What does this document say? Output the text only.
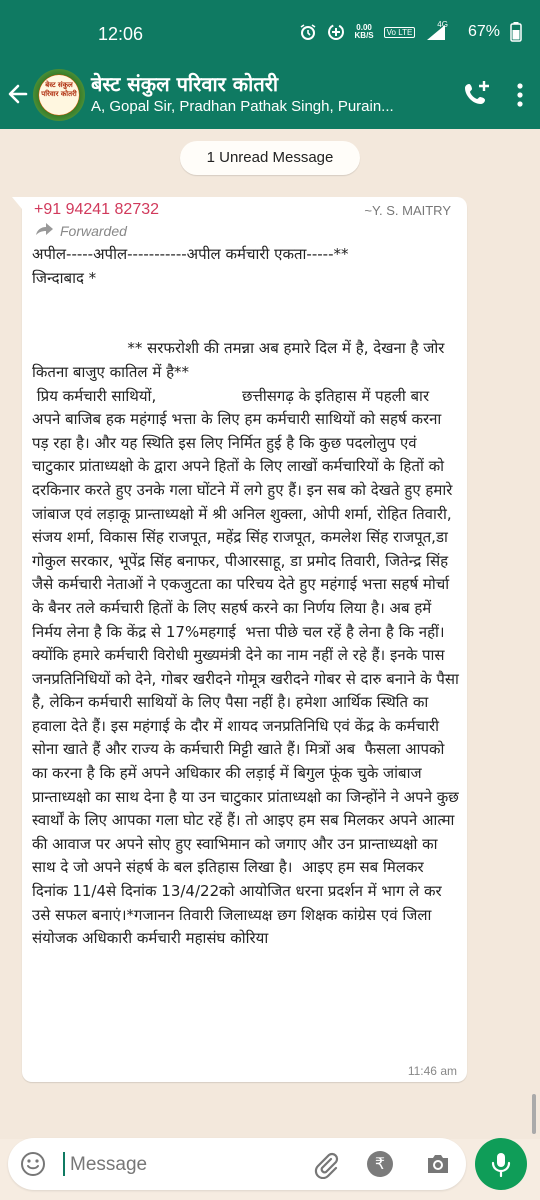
12:06	0.00
KB/S	Vo LTE
4G 67%
बेस्ट संकुल परिवार कोतरी बेस्ट संकुल परिवार कोतरी
A, Gopal Sir, Pradhan Pathak Singh, Purain...
1 Unread Message
+91 94241 82732	~Y. S. MAITRY
Forwarded
अपील-----अपील-----------अपील कर्मचारी एकता-----**
जिन्दाबाद *

** सरफरोशी की तमन्ना अब हमारे दिल में है, देखना है जोर कितना बाजुए कातिल में है**
प्रिय कर्मचारी साथियों,                  छत्तीसगढ़ के इतिहास में पहली बार अपने बाजिब हक महंगाई भत्ता के लिए हम कर्मचारी साथियों को सहर्ष करना पड़ रहा है। और यह स्थिति इस लिए निर्मित हुई है कि कुछ पदलोलुप एवं चाटुकार प्रांताध्यक्षो के द्वारा अपने हितों के लिए लाखों कर्मचारियों के हितों को दरकिनार करते हुए उनके गला घोंटने में लगे हुए हैं। इन सब को देखते हुए हमारे जांबाज एवं लड़ाकू प्रान्ताध्यक्षो में श्री अनिल शुक्ला, ओपी शर्मा, रोहित तिवारी, संजय शर्मा, विकास सिंह राजपूत, महेंद्र सिंह राजपूत, कमलेश सिंह राजपूत,डा गोकुल सरकार, भूपेंद्र सिंह बनाफर, पीआरसाहू, डा प्रमोद तिवारी, जितेन्द्र सिंह जैसे कर्मचारी नेताओं ने एकजुटता का परिचय देते हुए महंगाई भत्ता सहर्ष मोर्चा के बैनर तले कर्मचारी हितों के लिए सहर्ष करने का निर्णय लिया है। अब हमें निर्मय लेना है कि केंद्र से 17%महगाई  भत्ता पीछे चल रहें है लेना है कि नहीं। क्योंकि हमारे कर्मचारी विरोधी मुख्यमंत्री देने का नाम नहीं ले रहे हैं। इनके पास जनप्रतिनिधियों को देने, गोबर खरीदने गोमूत्र खरीदने गोबर से दारु बनाने के पैसा है, लेकिन कर्मचारी साथियों के लिए पैसा नहीं है। हमेशा आर्थिक स्थिति का हवाला देते हैं। इस महंगाई के दौर में शायद जनप्रतिनिधि एवं केंद्र के कर्मचारी सोना खाते हैं और राज्य के कर्मचारी मिट्टी खाते हैं। मित्रों अब  फैसला आपको का करना है कि हमें अपने अधिकार की लड़ाई में बिगुल फूंक चुके जांबाज प्रान्ताध्यक्षो का साथ देना है या उन चाटुकार प्रांताध्यक्षो का जिन्होंने ने अपने कुछ स्वार्थों के लिए आपका गला घोट रहें हैं। तो आइए हम सब मिलकर अपने आत्मा की आवाज पर अपने सोए हुए स्वाभिमान को जगाए और उन प्रान्ताध्यक्षो का साथ दे जो अपने संहर्ष के बल इतिहास लिखा है।  आइए हम सब मिलकर दिनांक 11/4से दिनांक 13/4/22को आयोजित धरना प्रदर्शन में भाग ले कर उसे सफल बनाएं।*गजानन तिवारी जिलाध्यक्ष छग शिक्षक कांग्रेस एवं जिला संयोजक अधिकारी कर्मचारी महासंघ कोरिया
11:46 am
Message
₹
